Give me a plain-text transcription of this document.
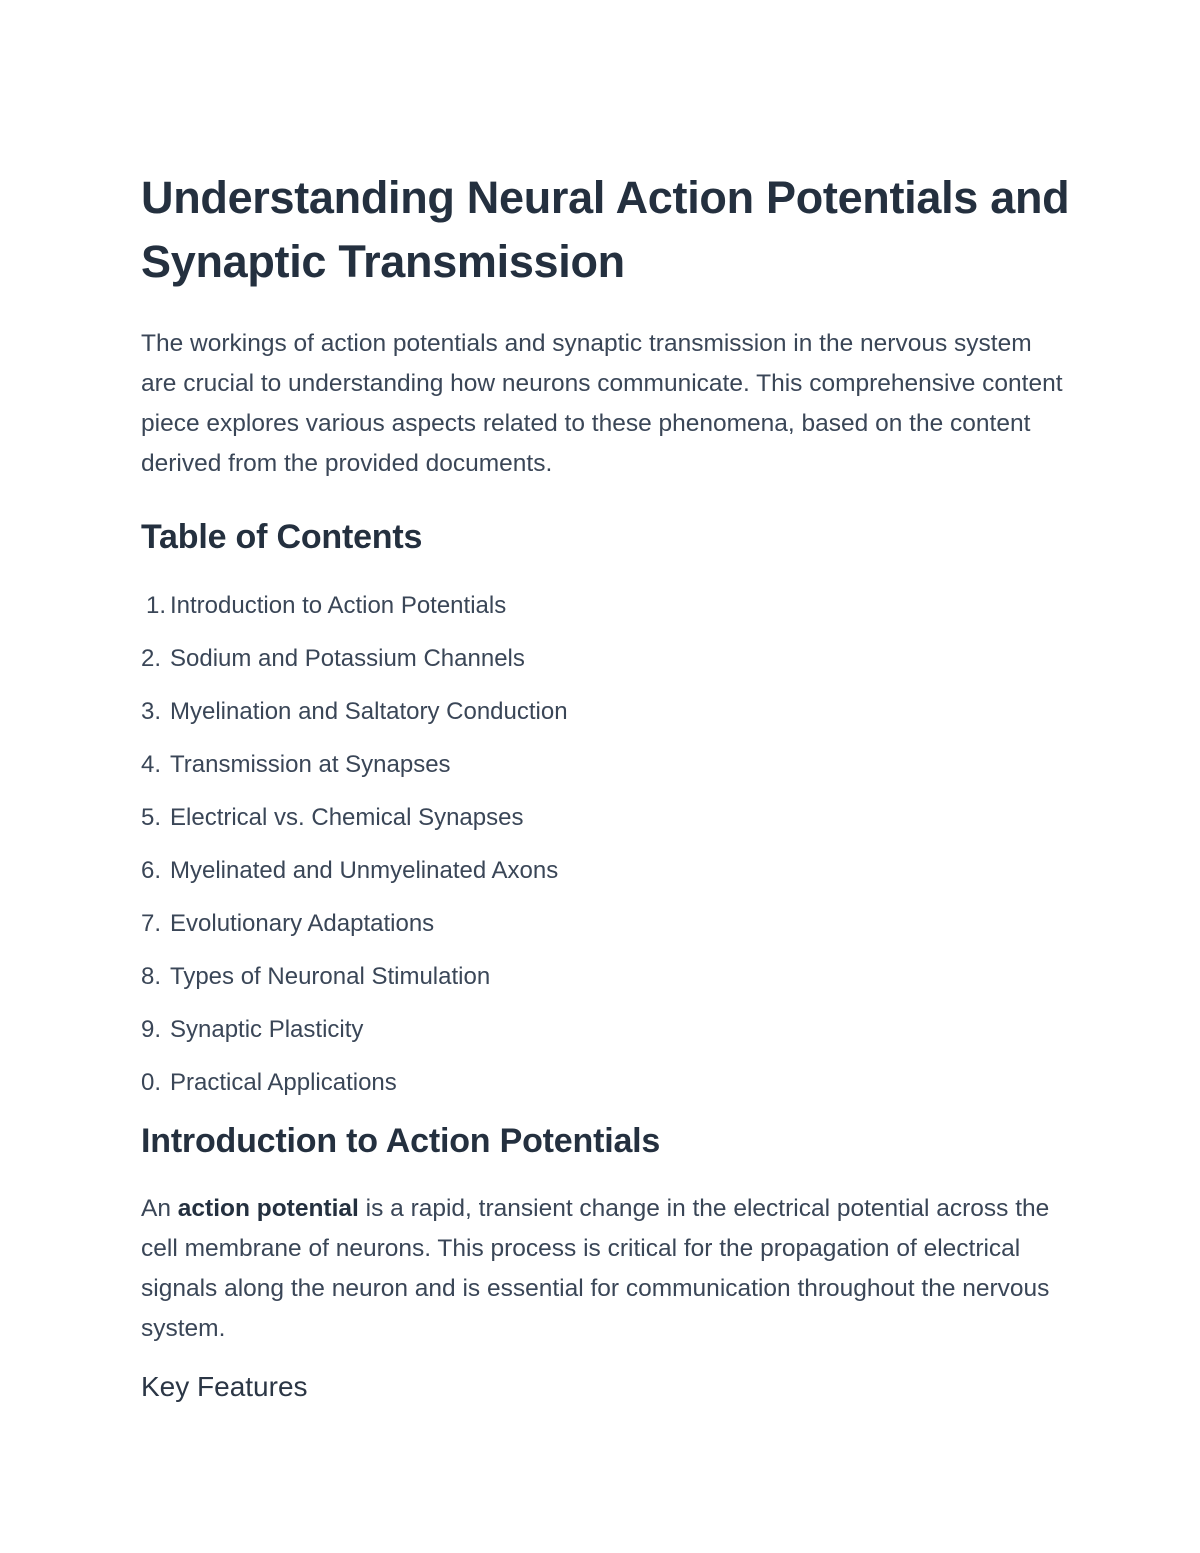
Understanding Neural Action Potentials and Synaptic Transmission

The workings of action potentials and synaptic transmission in the nervous system are crucial to understanding how neurons communicate. This comprehensive content piece explores various aspects related to these phenomena, based on the content derived from the provided documents.

Table of Contents
1. Introduction to Action Potentials
2. Sodium and Potassium Channels
3. Myelination and Saltatory Conduction
4. Transmission at Synapses
5. Electrical vs. Chemical Synapses
6. Myelinated and Unmyelinated Axons
7. Evolutionary Adaptations
8. Types of Neuronal Stimulation
9. Synaptic Plasticity
0. Practical Applications
Introduction to Action Potentials

An action potential is a rapid, transient change in the electrical potential across the cell membrane of neurons. This process is critical for the propagation of electrical signals along the neuron and is essential for communication throughout the nervous system.

Key Features
